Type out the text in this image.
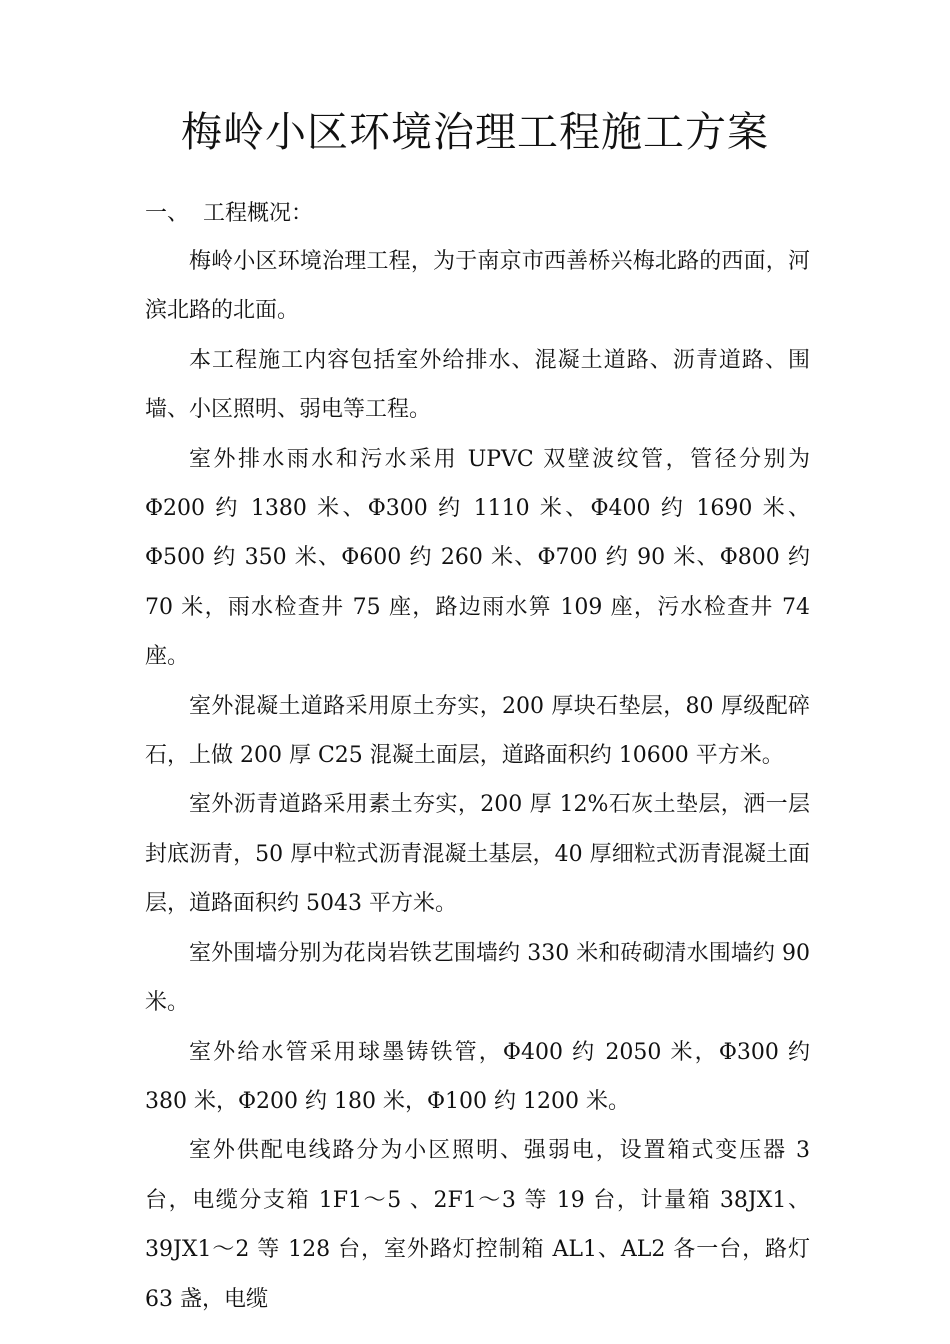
梅岭小区环境治理工程施工方案
一、 工程概况：

梅岭小区环境治理工程，为于南京市西善桥兴梅北路的西面，河滨北路的北面。

本工程施工内容包括室外给排水、混凝土道路、沥青道路、围墙、小区照明、弱电等工程。

室外排水雨水和污水采用 UPVC 双壁波纹管，管径分别为Φ200 约 1380 米、Φ300 约 1110 米、Φ400 约 1690 米、Φ500 约 350 米、Φ600 约 260 米、Φ700 约 90 米、Φ800 约 70 米，雨水检查井 75 座，路边雨水箅 109 座，污水检查井 74 座。

室外混凝土道路采用原土夯实，200 厚块石垫层，80 厚级配碎石，上做 200 厚 C25 混凝土面层，道路面积约 10600 平方米。

室外沥青道路采用素土夯实，200 厚 12%石灰土垫层，洒一层封底沥青，50 厚中粒式沥青混凝土基层，40 厚细粒式沥青混凝土面层，道路面积约 5043 平方米。

室外围墙分别为花岗岩铁艺围墙约 330 米和砖砌清水围墙约 90 米。

室外给水管采用球墨铸铁管，Φ400 约 2050 米，Φ300 约 380 米，Φ200 约 180 米，Φ100 约 1200 米。

室外供配电线路分为小区照明、强弱电，设置箱式变压器 3 台，电缆分支箱 1F1～5 、2F1～3 等 19 台，计量箱 38JX1、39JX1～2 等 128 台，室外路灯控制箱 AL1、AL2 各一台，路灯 63 盏，电缆
